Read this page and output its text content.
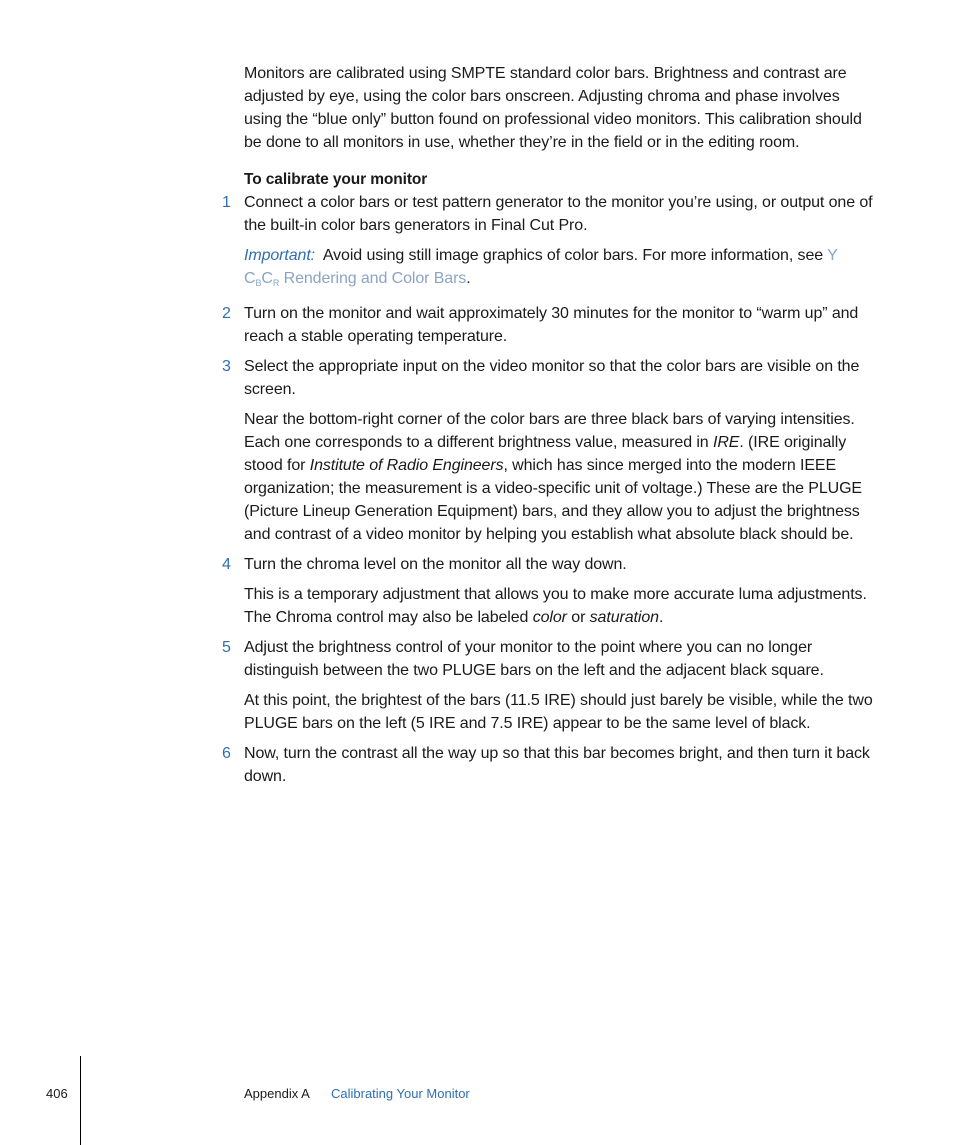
Monitors are calibrated using SMPTE standard color bars. Brightness and contrast are adjusted by eye, using the color bars onscreen. Adjusting chroma and phase involves using the “blue only” button found on professional video monitors. This calibration should be done to all monitors in use, whether they’re in the field or in the editing room.

To calibrate your monitor

1 Connect a color bars or test pattern generator to the monitor you’re using, or output one of the built-in color bars generators in Final Cut Pro.

Important: Avoid using still image graphics of color bars. For more information, see Y $C_BC_R$ Rendering and Color Bars.

2 Turn on the monitor and wait approximately 30 minutes for the monitor to “warm up” and reach a stable operating temperature.

3 Select the appropriate input on the video monitor so that the color bars are visible on the screen.

Near the bottom-right corner of the color bars are three black bars of varying intensities. Each one corresponds to a different brightness value, measured in IRE. (IRE originally stood for Institute of Radio Engineers, which has since merged into the modern IEEE organization; the measurement is a video-specific unit of voltage.) These are the PLUGE (Picture Lineup Generation Equipment) bars, and they allow you to adjust the brightness and contrast of a video monitor by helping you establish what absolute black should be.

4 Turn the chroma level on the monitor all the way down.

This is a temporary adjustment that allows you to make more accurate luma adjustments. The Chroma control may also be labeled color or saturation.

5 Adjust the brightness control of your monitor to the point where you can no longer distinguish between the two PLUGE bars on the left and the adjacent black square.

At this point, the brightest of the bars (11.5 IRE) should just barely be visible, while the two PLUGE bars on the left (5 IRE and 7.5 IRE) appear to be the same level of black.

6 Now, turn the contrast all the way up so that this bar becomes bright, and then turn it back down.

406	Appendix A Calibrating Your Monitor
